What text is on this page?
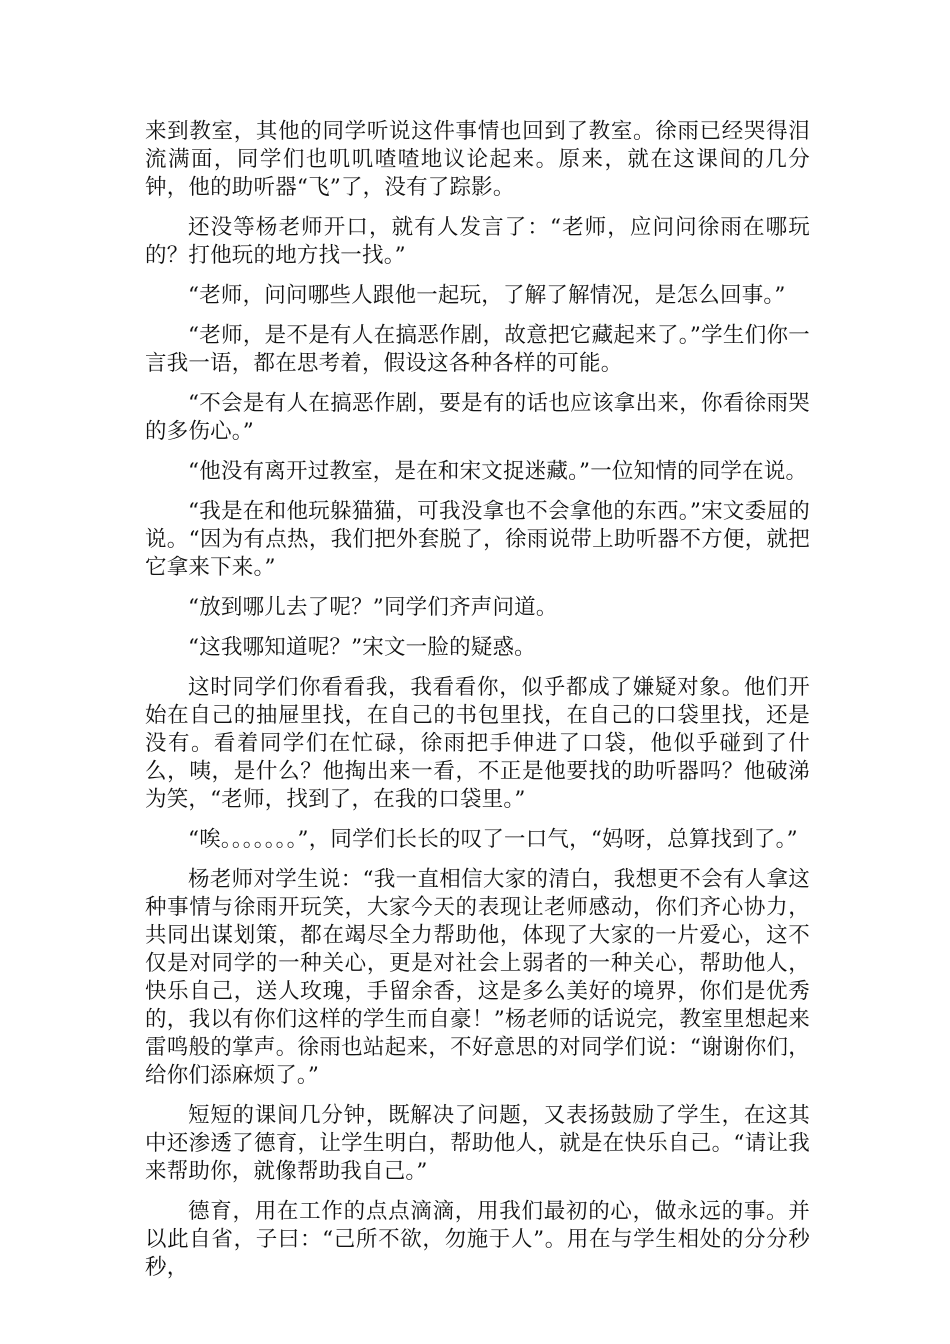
来到教室，其他的同学听说这件事情也回到了教室。徐雨已经哭得泪流满面，同学们也叽叽喳喳地议论起来。原来，就在这课间的几分钟，他的助听器“飞”了，没有了踪影。

还没等杨老师开口，就有人发言了：“老师，应问问徐雨在哪玩的？打他玩的地方找一找。”

“老师，问问哪些人跟他一起玩，了解了解情况，是怎么回事。”

“老师，是不是有人在搞恶作剧，故意把它藏起来了。”学生们你一言我一语，都在思考着，假设这各种各样的可能。

“不会是有人在搞恶作剧，要是有的话也应该拿出来，你看徐雨哭的多伤心。”

“他没有离开过教室，是在和宋文捉迷藏。”一位知情的同学在说。

“我是在和他玩躲猫猫，可我没拿也不会拿他的东西。”宋文委屈的说。“因为有点热，我们把外套脱了，徐雨说带上助听器不方便，就把它拿来下来。”

“放到哪儿去了呢？”同学们齐声问道。

“这我哪知道呢？”宋文一脸的疑惑。

这时同学们你看看我，我看看你，似乎都成了嫌疑对象。他们开始在自己的抽屉里找，在自己的书包里找，在自己的口袋里找，还是没有。看着同学们在忙碌，徐雨把手伸进了口袋，他似乎碰到了什么，咦，是什么？他掏出来一看，不正是他要找的助听器吗？他破涕为笑，“老师，找到了，在我的口袋里。”

“唉。。。。。。。”，同学们长长的叹了一口气，“妈呀，总算找到了。”

杨老师对学生说：“我一直相信大家的清白，我想更不会有人拿这种事情与徐雨开玩笑，大家今天的表现让老师感动，你们齐心协力，共同出谋划策，都在竭尽全力帮助他，体现了大家的一片爱心，这不仅是对同学的一种关心，更是对社会上弱者的一种关心，帮助他人，快乐自己，送人玫瑰，手留余香，这是多么美好的境界，你们是优秀的，我以有你们这样的学生而自豪！”杨老师的话说完，教室里想起来雷鸣般的掌声。徐雨也站起来，不好意思的对同学们说：“谢谢你们，给你们添麻烦了。”

短短的课间几分钟，既解决了问题，又表扬鼓励了学生，在这其中还渗透了德育，让学生明白，帮助他人，就是在快乐自己。“请让我来帮助你，就像帮助我自己。”

德育，用在工作的点点滴滴，用我们最初的心，做永远的事。并以此自省，子曰：“己所不欲，勿施于人”。用在与学生相处的分分秒秒，
